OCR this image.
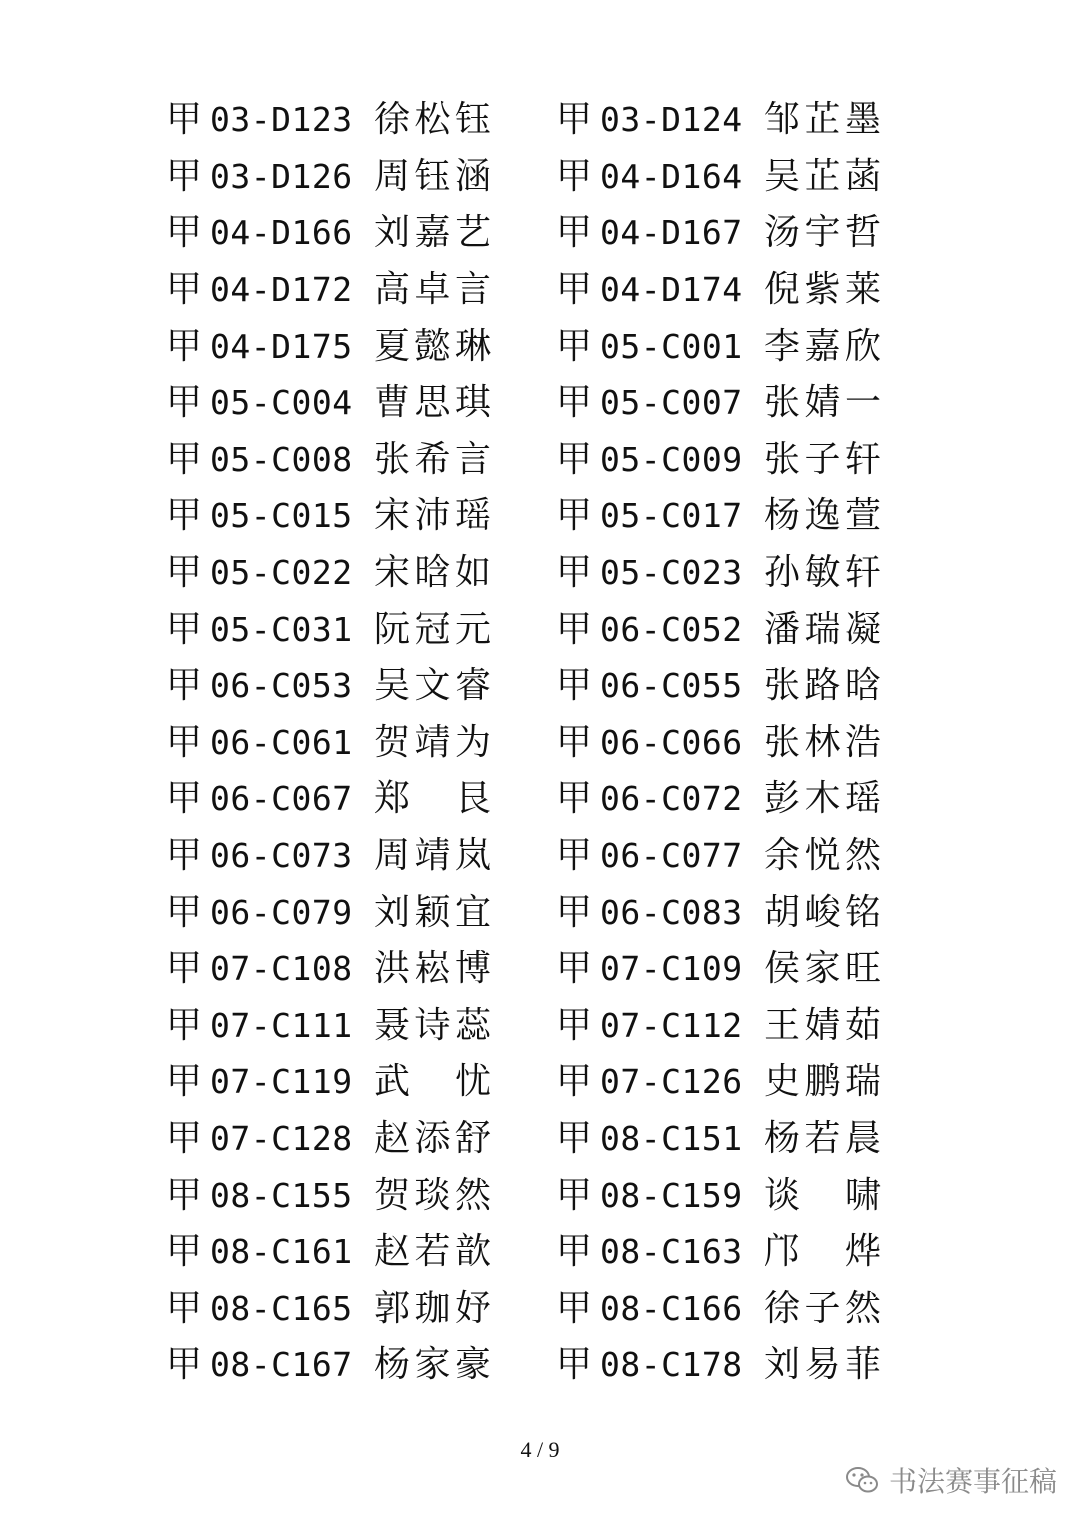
甲 03-D123 徐松钰 甲 03-D124 邹芷墨
甲 03-D126 周钰涵 甲 04-D164 吴芷菡
甲 04-D166 刘嘉艺 甲 04-D167 汤宇哲
甲 04-D172 高卓言 甲 04-D174 倪紫莱
甲 04-D175 夏懿琳 甲 05-C001 李嘉欣
甲 05-C004 曹思琪 甲 05-C007 张婧一
甲 05-C008 张希言 甲 05-C009 张子轩
甲 05-C015 宋沛瑶 甲 05-C017 杨逸萱
甲 05-C022 宋晗如 甲 05-C023 孙敏轩
甲 05-C031 阮冠元 甲 06-C052 潘瑞凝
甲 06-C053 吴文睿 甲 06-C055 张路晗
甲 06-C061 贺靖为 甲 06-C066 张林浩
甲 06-C067 郑　艮 甲 06-C072 彭木瑶
甲 06-C073 周靖岚 甲 06-C077 余悦然
甲 06-C079 刘颖宜 甲 06-C083 胡峻铭
甲 07-C108 洪崧博 甲 07-C109 侯家旺
甲 07-C111 聂诗蕊 甲 07-C112 王婧茹
甲 07-C119 武　忧 甲 07-C126 史鹏瑞
甲 07-C128 赵添舒 甲 08-C151 杨若晨
甲 08-C155 贺琰然 甲 08-C159 谈　啸
甲 08-C161 赵若歆 甲 08-C163 邝　烨
甲 08-C165 郭珈妤 甲 08-C166 徐子然
甲 08-C167 杨家豪 甲 08-C178 刘易菲
4 / 9
书法赛事征稿
